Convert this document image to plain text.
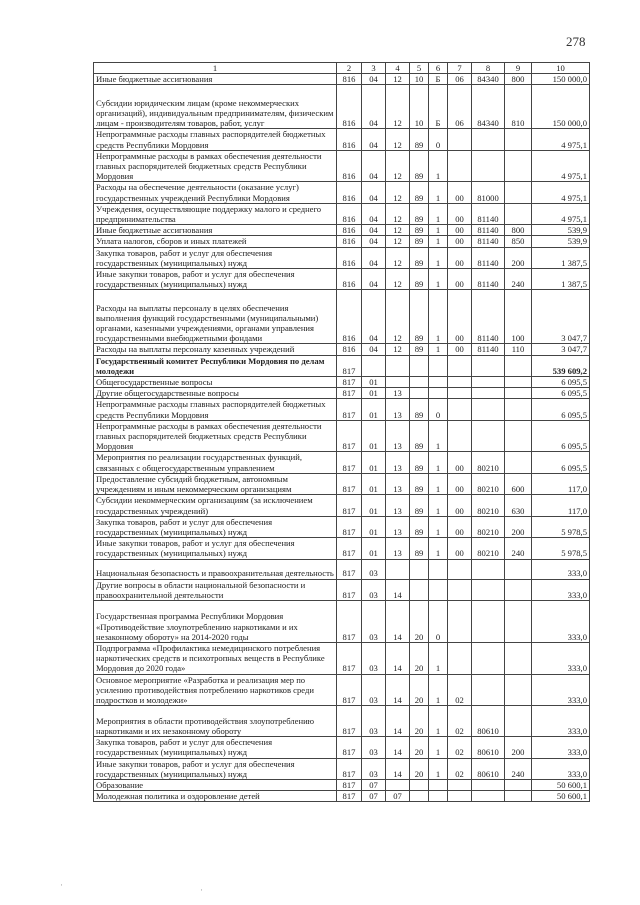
278
1	2	3	4	5	6	7	8	9	10
Иные бюджетные ассигнования	816	04	12	10	Б	06	84340	800	150 000,0
Субсидии юридическим лицам (кроме некоммерческих организаций), индивидуальным предпринимателям, физическим лицам - производителям товаров, работ, услуг	816	04	12	10	Б	06	84340	810	150 000,0
Непрограммные расходы главных распорядителей бюджетных средств Республики Мордовия	816	04	12	89	0				4 975,1
Непрограммные расходы в рамках обеспечения деятельности главных распорядителей бюджетных средств Республики Мордовия	816	04	12	89	1				4 975,1
Расходы на обеспечение деятельности (оказание услуг) государственных учреждений Республики Мордовия	816	04	12	89	1	00	81000		4 975,1
Учреждения, осуществляющие поддержку малого и среднего предпринимательства	816	04	12	89	1	00	81140		4 975,1
Иные бюджетные ассигнования	816	04	12	89	1	00	81140	800	539,9
Уплата налогов, сборов и иных платежей	816	04	12	89	1	00	81140	850	539,9
Закупка товаров, работ и услуг для обеспечения государственных (муниципальных) нужд	816	04	12	89	1	00	81140	200	1 387,5
Иные закупки товаров, работ и услуг для обеспечения государственных (муниципальных) нужд	816	04	12	89	1	00	81140	240	1 387,5
Расходы на выплаты персоналу в целях обеспечения выполнения функций государственными (муниципальными) органами, казенными учреждениями, органами управления государственными внебюджетными фондами	816	04	12	89	1	00	81140	100	3 047,7
Расходы на выплаты персоналу казенных учреждений	816	04	12	89	1	00	81140	110	3 047,7
Государственный комитет Республики Мордовия по делам молодежи	817								539 609,2
Общегосударственные вопросы	817	01							6 095,5
Другие общегосударственные вопросы	817	01	13						6 095,5
Непрограммные расходы главных распорядителей бюджетных средств Республики Мордовия	817	01	13	89	0				6 095,5
Непрограммные расходы в рамках обеспечения деятельности главных распорядителей бюджетных средств Республики Мордовия	817	01	13	89	1				6 095,5
Мероприятия по реализации государственных функций, связанных с общегосударственным управлением	817	01	13	89	1	00	80210		6 095,5
Предоставление субсидий бюджетным, автономным учреждениям и иным некоммерческим организациям	817	01	13	89	1	00	80210	600	117,0
Субсидии некоммерческим организациям (за исключением государственных учреждений)	817	01	13	89	1	00	80210	630	117,0
Закупка товаров, работ и услуг для обеспечения государственных (муниципальных) нужд	817	01	13	89	1	00	80210	200	5 978,5
Иные закупки товаров, работ и услуг для обеспечения государственных (муниципальных) нужд	817	01	13	89	1	00	80210	240	5 978,5
Национальная безопасность и правоохранительная деятельность	817	03							333,0
Другие вопросы в области национальной безопасности и правоохранительной деятельности	817	03	14						333,0
Государственная программа Республики Мордовия «Противодействие злоупотреблению наркотиками и их незаконному обороту» на 2014-2020 годы	817	03	14	20	0				333,0
Подпрограмма «Профилактика немедицинского потребления наркотических средств и психотропных веществ в Республике Мордовия до 2020 года»	817	03	14	20	1				333,0
Основное мероприятие «Разработка и реализация мер по усилению противодействия потреблению наркотиков среди подростков и молодежи»	817	03	14	20	1	02			333,0
Мероприятия в области противодействия злоупотреблению наркотиками и их незаконному обороту	817	03	14	20	1	02	80610		333,0
Закупка товаров, работ и услуг для обеспечения государственных (муниципальных) нужд	817	03	14	20	1	02	80610	200	333,0
Иные закупки товаров, работ и услуг для обеспечения государственных (муниципальных) нужд	817	03	14	20	1	02	80610	240	333,0
Образование	817	07							50 600,1
Молодежная политика и оздоровление детей	817	07	07						50 600,1
·	·
